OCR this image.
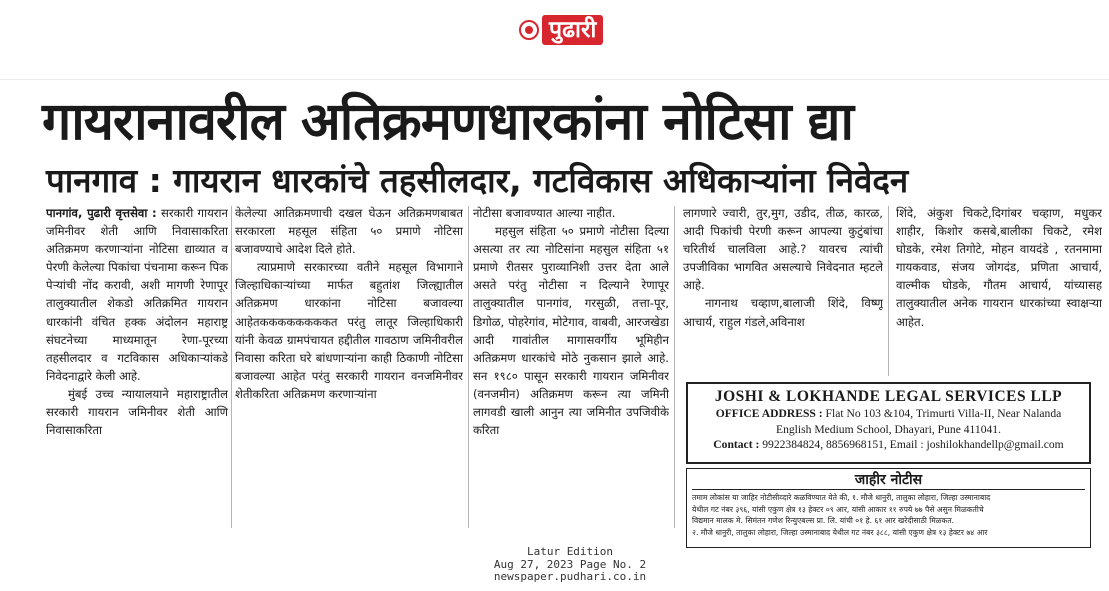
पुढारी
गायरानावरील अतिक्रमणधारकांना नोटिसा द्या
पानगाव : गायरान धारकांचे तहसीलदार, गटविकास अधिकाऱ्यांना निवेदन

पानगांव, पुढारी वृत्तसेवा : सरकारी गायरान जमिनीवर शेती आणि निवासाकरिता अतिक्रमण करणाऱ्यांना नोटिसा द्याव्यात व पेरणी केलेल्या पिकांचा पंचनामा करून पिक पेऱ्यांची नोंद करावी, अशी मागणी रेणापूर तालुक्यातील शेकडो अतिक्रमित गायरान धारकांनी वंचित हक्क अंदोलन महाराष्ट्र संघटनेच्या माध्यमातून रेणा-पूरच्या तहसीलदार व गटविकास अधिकाऱ्यांकडे निवेदनाद्वारे केली आहे.

मुंबई उच्च न्यायालयाने महाराष्ट्रातील सरकारी गायरान जमिनीवर शेती आणि निवासाकरिता

केलेल्या आतिक्रमणाची दखल घेऊन अतिक्रमणबाबत सरकारला महसूल संहिता ५० प्रमाणे नोटिसा बजावण्याचे आदेश दिले होते.

त्याप्रमाणे सरकारच्या वतीने महसूल विभागाने जिल्हाधिकाऱ्यांच्या मार्फत बहुतांश जिल्ह्यातील अतिक्रमण धारकांना नोटिसा बजावल्या आहेतककककककककत परंतु लातूर जिल्हाधिकारी यांनी केवळ ग्रामपंचायत हद्दीतील गावठाण जमिनीवरील निवासा करिता घरे बांधणाऱ्यांना काही ठिकाणी नोटिसा बजावल्या आहेत परंतु सरकारी गायरान वनजमिनीवर शेतीकरिता अतिक्रमण करणाऱ्यांना

नोटीसा बजावण्यात आल्या नाहीत.

महसुल संहिता ५० प्रमाणे नोटीसा दिल्या असत्या तर त्या नोटिसांना महसुल संहिता ५१ प्रमाणे रीतसर पुराव्यानिशी उत्तर देता आले असते परंतु नोटीसा न दिल्याने रेणापूर तालुक्यातील पानगांव, गरसुळी, तत्ता-पूर, डिगोळ, पोहरेगांव, मोटेगाव, वाबवी, आरजखेडा आदी गावांतील मागासवर्गीय भूमिहीन अतिक्रमण धारकांचे मोठे नुकसान झाले आहे. सन १९८० पासून सरकारी गायरान जमिनीवर (वनजमीन) अतिक्रमण करून त्या जमिनी लागवडी खाली आनुन त्या जमिनीत उपजिवीके करिता

लागणारे ज्वारी, तुर,मुग, उडीद, तीळ, कारळ, आदी पिकांची पेरणी करून आपल्या कुटुंबांचा चरितीर्थ चालविला आहे.? यावरच त्यांची उपजीविका भागवित असल्याचे निवेदनात म्हटले आहे.

नागनाथ चव्हाण,बालाजी शिंदे, विष्णू आचार्य, राहुल गंडले,अविनाश

शिंदे, अंकुश चिकटे,दिगांबर चव्हाण, मधुकर शाहीर, किशोर कसबे,बालीका चिकटे, रमेश घोडके, रमेश तिगोटे, मोहन वायदंडे , रतनमामा गायकवाड, संजय जोगदंड, प्रणिता आचार्य, वाल्मीक घोडके, गौतम आचार्य, यांच्यासह तालुक्यातील अनेक गायरान धारकांच्या स्वाक्षऱ्या आहेत.

JOSHI & LOKHANDE LEGAL SERVICES LLP
OFFICE ADDRESS : Flat No 103 &104, Trimurti Villa-II, Near Nalanda
English Medium School, Dhayari, Pune 411041.
Contact : 9922384824, 8856968151, Email : joshilokhandellp@gmail.com
जाहीर नोटीस
तमाम लोकांस या जाहिर नोटीसीव्दारे कळविण्यात येते की, १. मौजे धानुरी, तालुका लोहारा, जिल्हा उस्मानाबाद
येथील गट नंबर ३९६, यांसी एकुण क्षेत्र १३ हेक्टर ०९ आर, यांसी आकार ११ रुपये ७७ पैसे असुन मिळकतीचे
विद्यमान मालक मे. सिमंतन गणेश रिन्युएबल्स प्रा. लि. यांची ०१ हे. ६१ आर खरेदीसाठी मिळकत.
२. मौजे धानुरी, तालुका लोहारा, जिल्हा उस्मानाबाद येथील गट नंबर ३८८, यांसी एकुण क्षेत्र १३ हेक्टर ७४ आर
Latur Edition
Aug 27, 2023 Page No. 2
newspaper.pudhari.co.in
